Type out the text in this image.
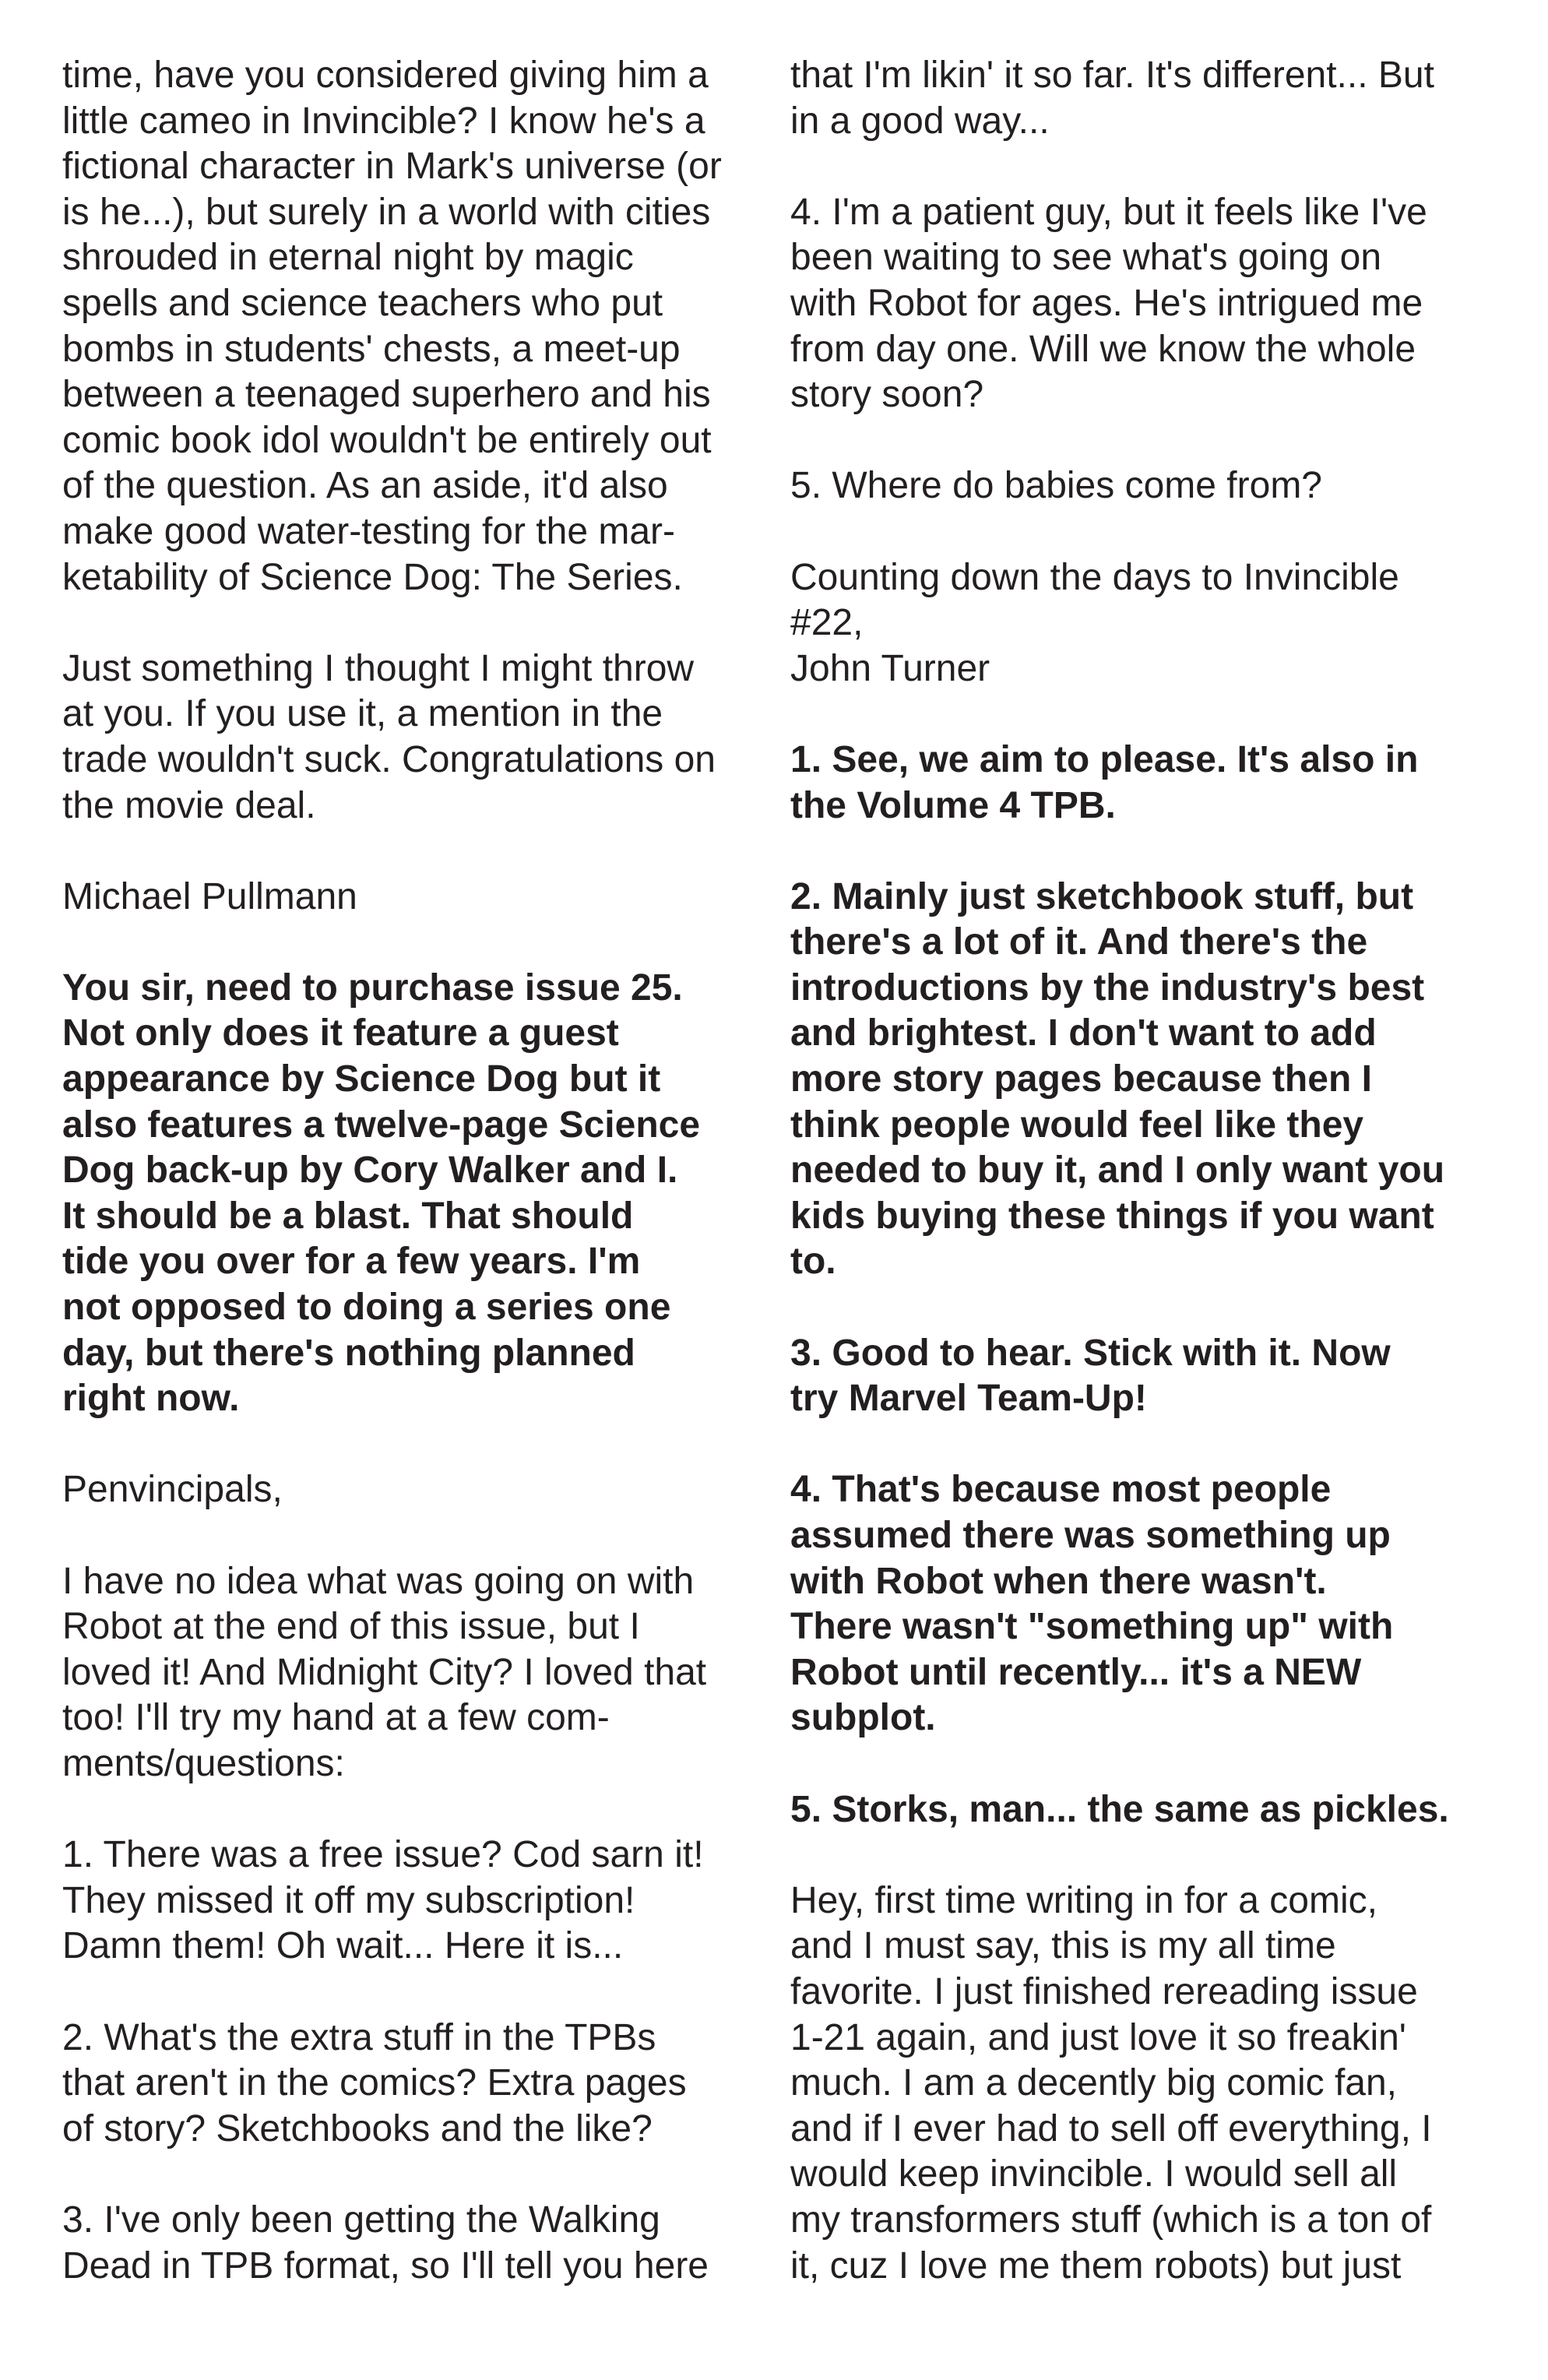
time, have you considered giving him a
little cameo in Invincible? I know he's a
fictional character in Mark's universe (or
is he...), but surely in a world with cities
shrouded in eternal night by magic
spells and science teachers who put
bombs in students' chests, a meet-up
between a teenaged superhero and his
comic book idol wouldn't be entirely out
of the question. As an aside, it'd also
make good water-testing for the mar-
ketability of Science Dog: The Series.

Just something I thought I might throw
at you. If you use it, a mention in the
trade wouldn't suck. Congratulations on
the movie deal.

Michael Pullmann

You sir, need to purchase issue 25.
Not only does it feature a guest
appearance by Science Dog but it
also features a twelve-page Science
Dog back-up by Cory Walker and I.
It should be a blast. That should
tide you over for a few years. I'm
not opposed to doing a series one
day, but there's nothing planned
right now.

Penvincipals,

I have no idea what was going on with
Robot at the end of this issue, but I
loved it! And Midnight City? I loved that
too! I'll try my hand at a few com-
ments/questions:

1. There was a free issue? Cod sarn it!
They missed it off my subscription!
Damn them! Oh wait... Here it is...

2. What's the extra stuff in the TPBs
that aren't in the comics? Extra pages
of story? Sketchbooks and the like?

3. I've only been getting the Walking
Dead in TPB format, so I'll tell you here

that I'm likin' it so far. It's different... But
in a good way...

4. I'm a patient guy, but it feels like I've
been waiting to see what's going on
with Robot for ages. He's intrigued me
from day one. Will we know the whole
story soon?

5. Where do babies come from?

Counting down the days to Invincible
#22,
John Turner

1. See, we aim to please. It's also in
the Volume 4 TPB.

2. Mainly just sketchbook stuff, but
there's a lot of it. And there's the
introductions by the industry's best
and brightest. I don't want to add
more story pages because then I
think people would feel like they
needed to buy it, and I only want you
kids buying these things if you want
to.

3. Good to hear. Stick with it. Now
try Marvel Team-Up!

4. That's because most people
assumed there was something up
with Robot when there wasn't.
There wasn't "something up" with
Robot until recently... it's a NEW
subplot.

5. Storks, man... the same as pickles.

Hey, first time writing in for a comic,
and I must say, this is my all time
favorite. I just finished rereading issue
1-21 again, and just love it so freakin'
much. I am a decently big comic fan,
and if I ever had to sell off everything, I
would keep invincible. I would sell all
my transformers stuff (which is a ton of
it, cuz I love me them robots) but just
